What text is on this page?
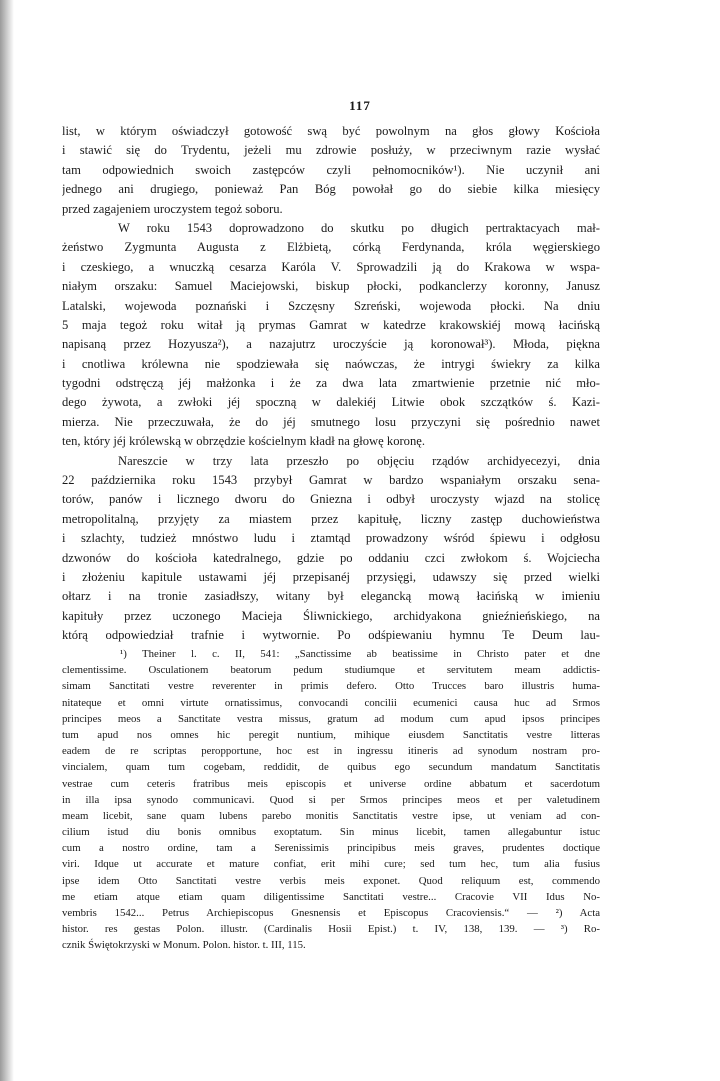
117
list, w którym oświadczył gotowość swą być powolnym na głos głowy Kościoła
i stawić się do Trydentu, jeżeli mu zdrowie posłuży, w przeciwnym razie wysłać
tam odpowiednich swoich zastępców czyli pełnomocników¹). Nie uczynił ani
jednego ani drugiego, ponieważ Pan Bóg powołał go do siebie kilka miesięcy
przed zagajeniem uroczystem tegoż soboru.
W roku 1543 doprowadzono do skutku po długich pertraktacyach mał-
żeństwo Zygmunta Augusta z Elżbietą, córką Ferdynanda, króla węgierskiego
i czeskiego, a wnuczką cesarza Karóla V. Sprowadzili ją do Krakowa w wspa-
niałym orszaku: Samuel Maciejowski, biskup płocki, podkanclerzy koronny, Janusz
Latalski, wojewoda poznański i Szczęsny Szreński, wojewoda płocki. Na dniu
5 maja tegoż roku witał ją prymas Gamrat w katedrze krakowskiéj mową łacińską
napisaną przez Hozyusza²), a nazajutrz uroczyście ją koronował³). Młoda, piękna
i cnotliwa królewna nie spodziewała się naówczas, że intrygi świekry za kilka
tygodni odstręczą jéj małżonka i że za dwa lata zmartwienie przetnie nić mło-
dego żywota, a zwłoki jéj spoczną w dalekiéj Litwie obok szczątków ś. Kazi-
mierza. Nie przeczuwała, że do jéj smutnego losu przyczyni się pośrednio nawet
ten, który jéj królewską w obrzędzie kościelnym kładł na głowę koronę.
Nareszcie w trzy lata przeszło po objęciu rządów archidyecezyi, dnia
22 października roku 1543 przybył Gamrat w bardzo wspaniałym orszaku sena-
torów, panów i licznego dworu do Gniezna i odbył uroczysty wjazd na stolicę
metropolitalną, przyjęty za miastem przez kapitułę, liczny zastęp duchowieństwa
i szlachty, tudzież mnóstwo ludu i ztamtąd prowadzony wśród śpiewu i odgłosu
dzwonów do kościoła katedralnego, gdzie po oddaniu czci zwłokom ś. Wojciecha
i złożeniu kapitule ustawami jéj przepisanéj przysięgi, udawszy się przed wielki
ołtarz i na tronie zasiadłszy, witany był elegancką mową łacińską w imieniu
kapituły przez uczonego Macieja Śliwnickiego, archidyakona gnieźnieńskiego, na
którą odpowiedział trafnie i wytwornie. Po odśpiewaniu hymnu Te Deum lau-
¹) Theiner l. c. II, 541: „Sanctissime ab beatissime in Christo pater et dne
clementissime. Osculationem beatorum pedum studiumque et servitutem meam addictis-
simam Sanctitati vestre reverenter in primis defero. Otto Trucces baro illustris huma-
nitateque et omni virtute ornatissimus, convocandi concilii ecumenici causa huc ad Srmos
principes meos a Sanctitate vestra missus, gratum ad modum cum apud ipsos principes
tum apud nos omnes hic peregit nuntium, mihique eiusdem Sanctitatis vestre litteras
eadem de re scriptas peropportune, hoc est in ingressu itineris ad synodum nostram pro-
vincialem, quam tum cogebam, reddidit, de quibus ego secundum mandatum Sanctitatis
vestrae cum ceteris fratribus meis episcopis et universe ordine abbatum et sacerdotum
in illa ipsa synodo communicavi. Quod si per Srmos principes meos et per valetudinem
meam licebit, sane quam lubens parebo monitis Sanctitatis vestre ipse, ut veniam ad con-
cilium istud diu bonis omnibus exoptatum. Sin minus licebit, tamen allegabuntur istuc
cum a nostro ordine, tam a Serenissimis principibus meis graves, prudentes doctique
viri. Idque ut accurate et mature confiat, erit mihi cure; sed tum hec, tum alia fusius
ipse idem Otto Sanctitati vestre verbis meis exponet. Quod reliquum est, commendo
me etiam atque etiam quam diligentissime Sanctitati vestre... Cracovie VII Idus No-
vembris 1542... Petrus Archiepiscopus Gnesnensis et Episcopus Cracoviensis.“ — ²) Acta
histor. res gestas Polon. illustr. (Cardinalis Hosii Epist.) t. IV, 138, 139. — ³) Ro-
cznik Świętokrzyski w Monum. Polon. histor. t. III, 115.
